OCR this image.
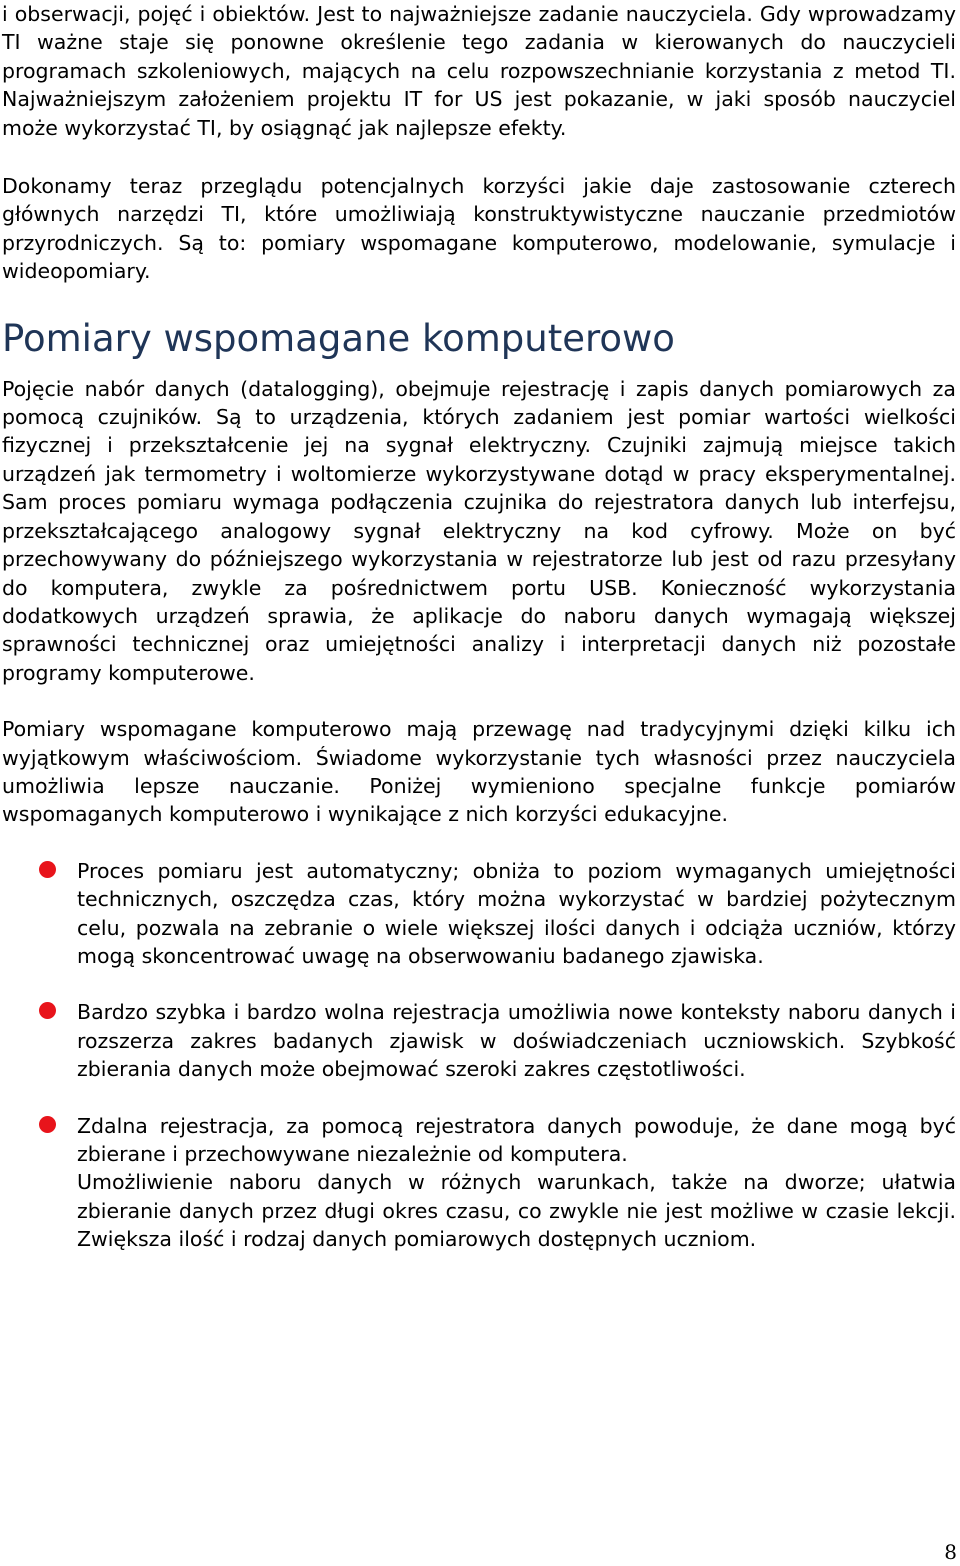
i obserwacji, pojęć i obiektów. Jest to najważniejsze zadanie nauczyciela. Gdy wprowadzamy TI ważne staje się ponowne określenie tego zadania w kierowanych do nauczycieli programach szkoleniowych, mających na celu rozpowszechnianie korzystania z metod TI. Najważniejszym założeniem projektu IT for US jest pokazanie, w jaki sposób nauczyciel może wykorzystać TI, by osiągnąć jak najlepsze efekty.

Dokonamy teraz przeglądu potencjalnych korzyści jakie daje zastosowanie czterech głównych narzędzi TI, które umożliwiają konstruktywistyczne nauczanie przedmiotów przyrodniczych. Są to: pomiary wspomagane komputerowo, modelowanie, symulacje i wideopomiary.

Pomiary wspomagane komputerowo

Pojęcie nabór danych (datalogging), obejmuje rejestrację i zapis danych pomiarowych za pomocą czujników. Są to urządzenia, których zadaniem jest pomiar wartości wielkości fizycznej i przekształcenie jej na sygnał elektryczny. Czujniki zajmują miejsce takich urządzeń jak termometry i woltomierze wykorzystywane dotąd w pracy eksperymentalnej. Sam proces pomiaru wymaga podłączenia czujnika do rejestratora danych lub interfejsu, przekształcającego analogowy sygnał elektryczny na kod cyfrowy. Może on być przechowywany do późniejszego wykorzystania w rejestratorze lub jest od razu przesyłany do komputera, zwykle za pośrednictwem portu USB. Konieczność wykorzystania dodatkowych urządzeń sprawia, że aplikacje do naboru danych wymagają większej sprawności technicznej oraz umiejętności analizy i interpretacji danych niż pozostałe programy komputerowe.

Pomiary wspomagane komputerowo mają przewagę nad tradycyjnymi dzięki kilku ich wyjątkowym właściwościom. Świadome wykorzystanie tych własności przez nauczyciela umożliwia lepsze nauczanie. Poniżej wymieniono specjalne funkcje pomiarów wspomaganych komputerowo i wynikające z nich korzyści edukacyjne.

Proces pomiaru jest automatyczny; obniża to poziom wymaganych umiejętności technicznych, oszczędza czas, który można wykorzystać w bardziej pożytecznym celu, pozwala na zebranie o wiele większej ilości danych i odciąża uczniów, którzy mogą skoncentrować uwagę na obserwowaniu badanego zjawiska.
Bardzo szybka i bardzo wolna rejestracja umożliwia nowe konteksty naboru danych i rozszerza zakres badanych zjawisk w doświadczeniach uczniowskich. Szybkość zbierania danych może obejmować szeroki zakres częstotliwości.
Zdalna rejestracja, za pomocą rejestratora danych powoduje, że dane mogą być zbierane i przechowywane niezależnie od komputera.
Umożliwienie naboru danych w różnych warunkach, także na dworze; ułatwia zbieranie danych przez długi okres czasu, co zwykle nie jest możliwe w czasie lekcji. Zwiększa ilość i rodzaj danych pomiarowych dostępnych uczniom.
8
